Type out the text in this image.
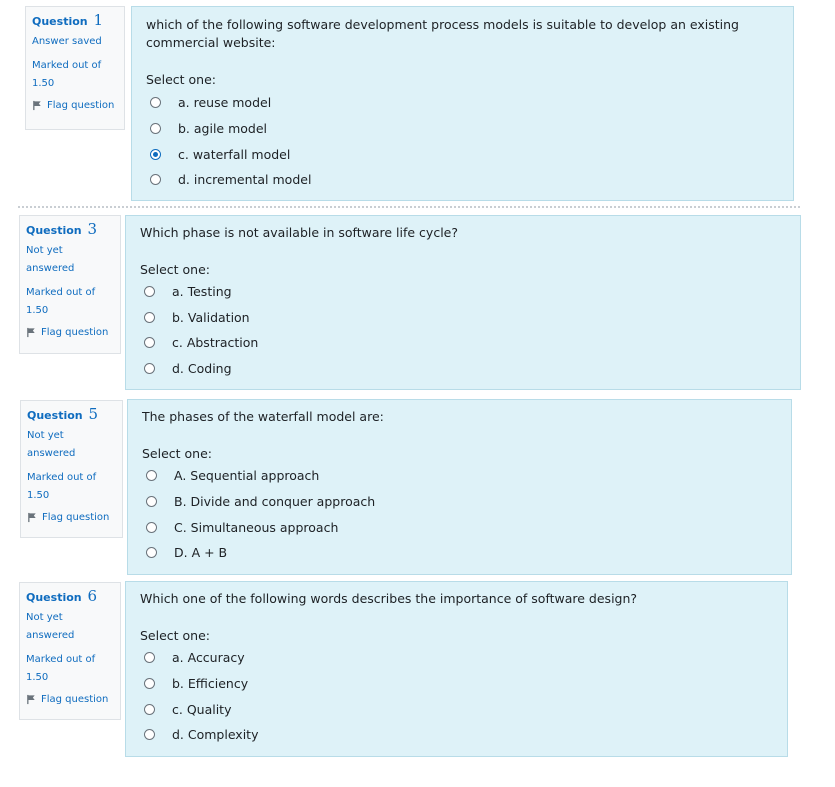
Question 1
Answer saved
Marked out of
1.50
Flag question

which of the following software development process models is suitable to develop an existing commercial website:

Select one:
a. reuse model
b. agile model
c. waterfall model
d. incremental model
Question 3
Not yet
answered
Marked out of
1.50
Flag question

Which phase is not available in software life cycle?

Select one:
a. Testing
b. Validation
c. Abstraction
d. Coding
Question 5
Not yet
answered
Marked out of
1.50
Flag question

The phases of the waterfall model are:

Select one:
A. Sequential approach
B. Divide and conquer approach
C. Simultaneous approach
D. A + B
Question 6
Not yet
answered
Marked out of
1.50
Flag question

Which one of the following words describes the importance of software design?

Select one:
a. Accuracy
b. Efficiency
c. Quality
d. Complexity
